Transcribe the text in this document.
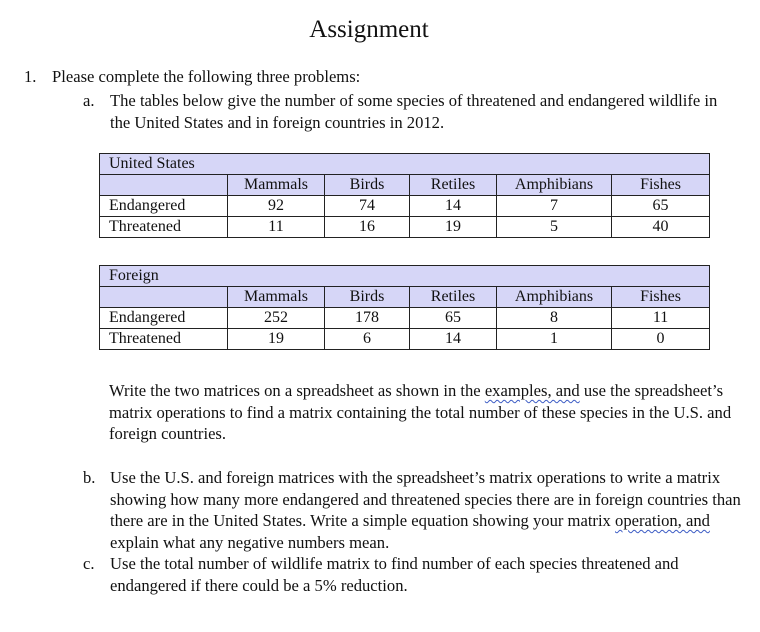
Assignment
1. Please complete the following three problems:
a. The tables below give the number of some species of threatened and endangered wildlife in the United States and in foreign countries in 2012.
United States					
	Mammals	Birds	Retiles	Amphibians	Fishes
Endangered	92	74	14	7	65
Threatened	11	16	19	5	40
Foreign					
	Mammals	Birds	Retiles	Amphibians	Fishes
Endangered	252	178	65	8	11
Threatened	19	6	14	1	0
Write the two matrices on a spreadsheet as shown in the examples, and use the spreadsheet’s matrix operations to find a matrix containing the total number of these species in the U.S. and foreign countries.
b. Use the U.S. and foreign matrices with the spreadsheet’s matrix operations to write a matrix showing how many more endangered and threatened species there are in foreign countries than there are in the United States. Write a simple equation showing your matrix operation, and explain what any negative numbers mean.
c. Use the total number of wildlife matrix to find number of each species threatened and endangered if there could be a 5% reduction.
